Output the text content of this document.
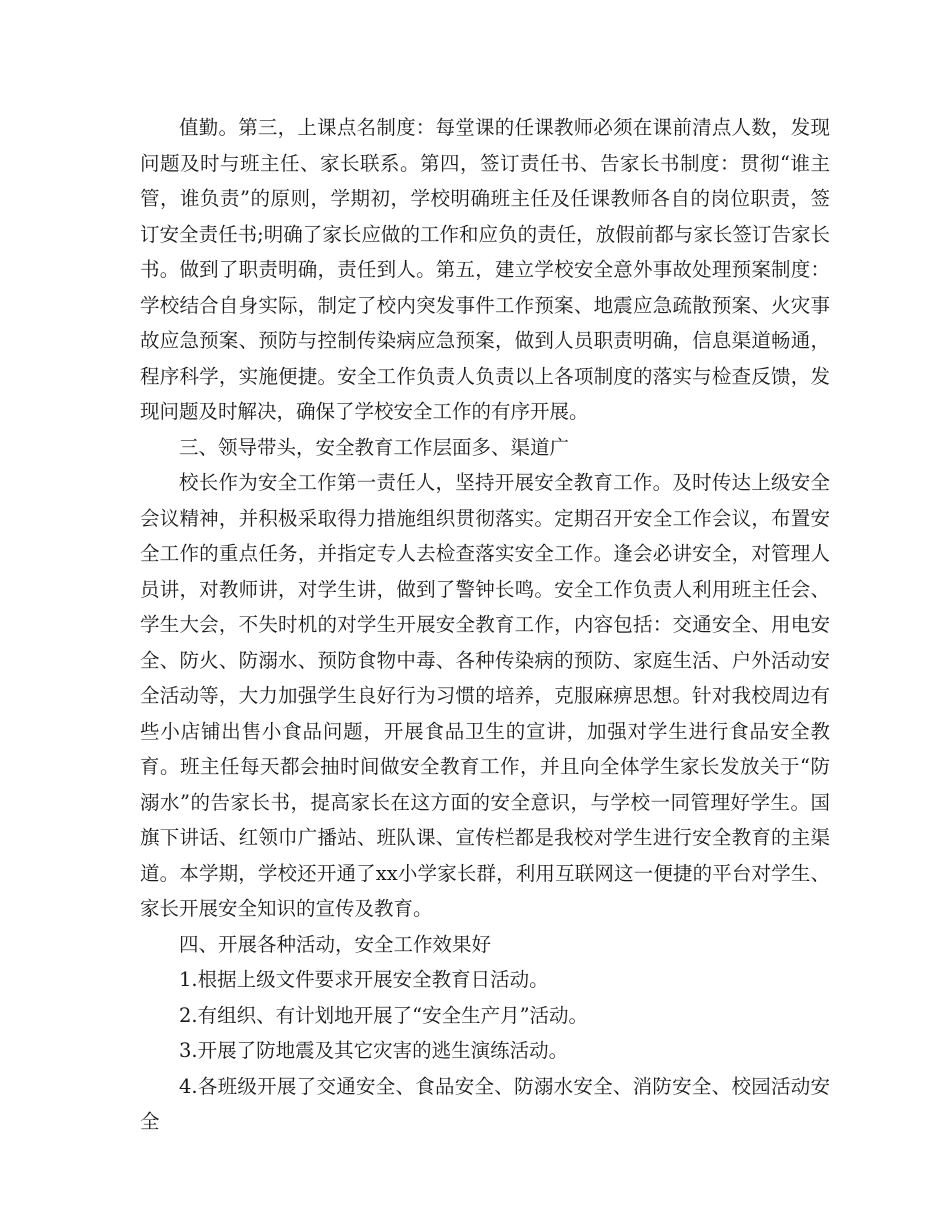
值勤。第三，上课点名制度：每堂课的任课教师必须在课前清点人数，发现问题及时与班主任、家长联系。第四，签订责任书、告家长书制度：贯彻“谁主管，谁负责”的原则，学期初，学校明确班主任及任课教师各自的岗位职责，签订安全责任书;明确了家长应做的工作和应负的责任，放假前都与家长签订告家长书。做到了职责明确，责任到人。第五，建立学校安全意外事故处理预案制度：学校结合自身实际，制定了校内突发事件工作预案、地震应急疏散预案、火灾事故应急预案、预防与控制传染病应急预案，做到人员职责明确，信息渠道畅通，程序科学，实施便捷。安全工作负责人负责以上各项制度的落实与检查反馈，发现问题及时解决，确保了学校安全工作的有序开展。

三、领导带头，安全教育工作层面多、渠道广

校长作为安全工作第一责任人，坚持开展安全教育工作。及时传达上级安全会议精神，并积极采取得力措施组织贯彻落实。定期召开安全工作会议，布置安全工作的重点任务，并指定专人去检查落实安全工作。逢会必讲安全，对管理人员讲，对教师讲，对学生讲，做到了警钟长鸣。安全工作负责人利用班主任会、学生大会，不失时机的对学生开展安全教育工作，内容包括：交通安全、用电安全、防火、防溺水、预防食物中毒、各种传染病的预防、家庭生活、户外活动安全活动等，大力加强学生良好行为习惯的培养，克服麻痹思想。针对我校周边有些小店铺出售小食品问题，开展食品卫生的宣讲，加强对学生进行食品安全教育。班主任每天都会抽时间做安全教育工作，并且向全体学生家长发放关于“防溺水”的告家长书，提高家长在这方面的安全意识，与学校一同管理好学生。国旗下讲话、红领巾广播站、班队课、宣传栏都是我校对学生进行安全教育的主渠道。本学期，学校还开通了xx小学家长群，利用互联网这一便捷的平台对学生、家长开展安全知识的宣传及教育。

四、开展各种活动，安全工作效果好

1.根据上级文件要求开展安全教育日活动。

2.有组织、有计划地开展了“安全生产月”活动。

3.开展了防地震及其它灾害的逃生演练活动。

4.各班级开展了交通安全、食品安全、防溺水安全、消防安全、校园活动安全
